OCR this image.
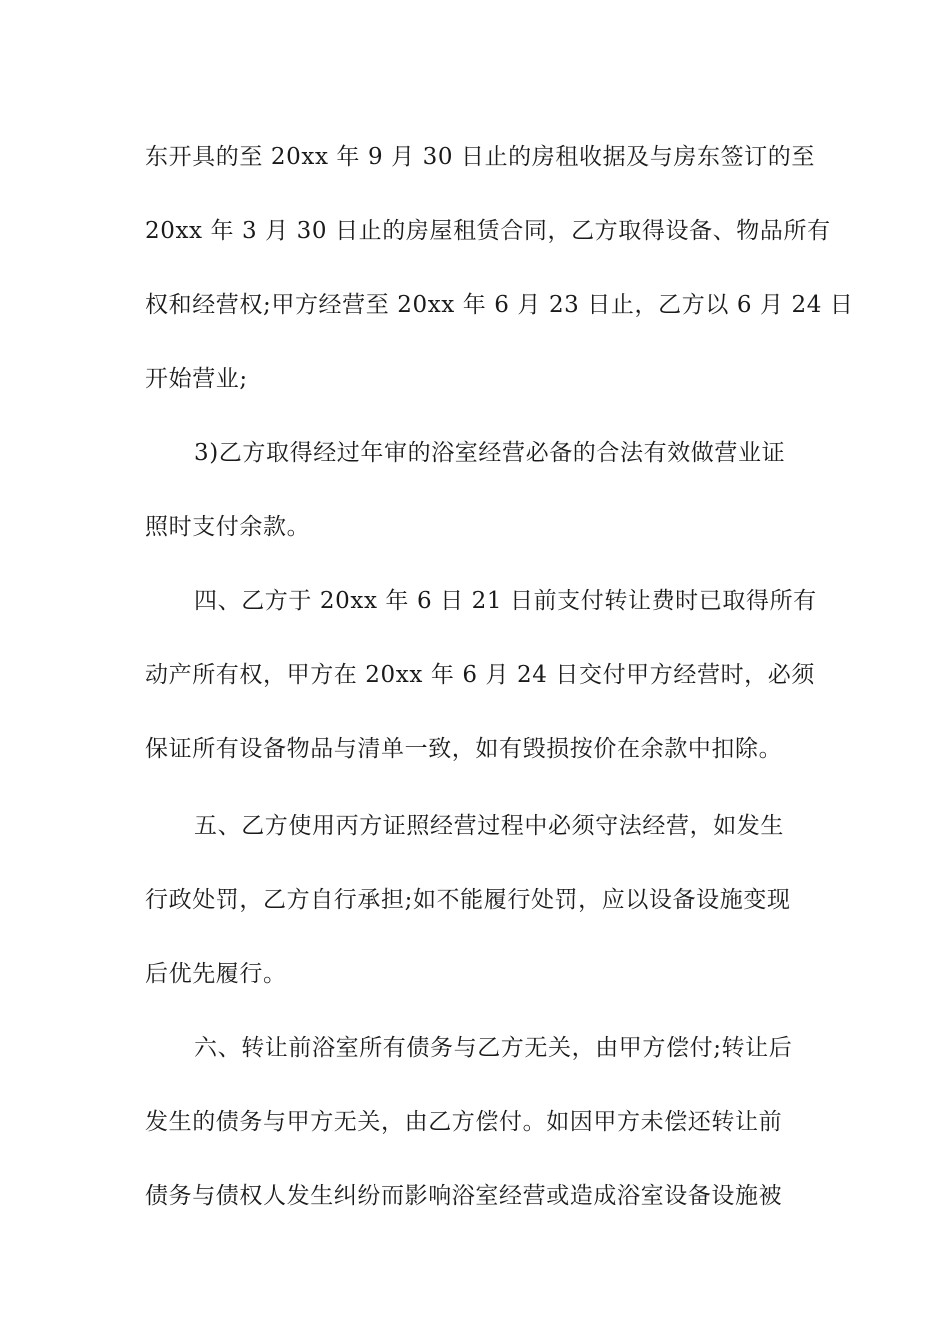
东开具的至 20xx 年 9 月 30 日止的房租收据及与房东签订的至
20xx 年 3 月 30 日止的房屋租赁合同，乙方取得设备、物品所有
权和经营权;甲方经营至 20xx 年 6 月 23 日止，乙方以 6 月 24 日
开始营业;
3)乙方取得经过年审的浴室经营必备的合法有效做营业证
照时支付余款。
四、乙方于 20xx 年 6 日 21 日前支付转让费时已取得所有
动产所有权，甲方在 20xx 年 6 月 24 日交付甲方经营时，必须
保证所有设备物品与清单一致，如有毁损按价在余款中扣除。
五、乙方使用丙方证照经营过程中必须守法经营，如发生
行政处罚，乙方自行承担;如不能履行处罚，应以设备设施变现
后优先履行。
六、转让前浴室所有债务与乙方无关，由甲方偿付;转让后
发生的债务与甲方无关，由乙方偿付。如因甲方未偿还转让前
债务与债权人发生纠纷而影响浴室经营或造成浴室设备设施被
